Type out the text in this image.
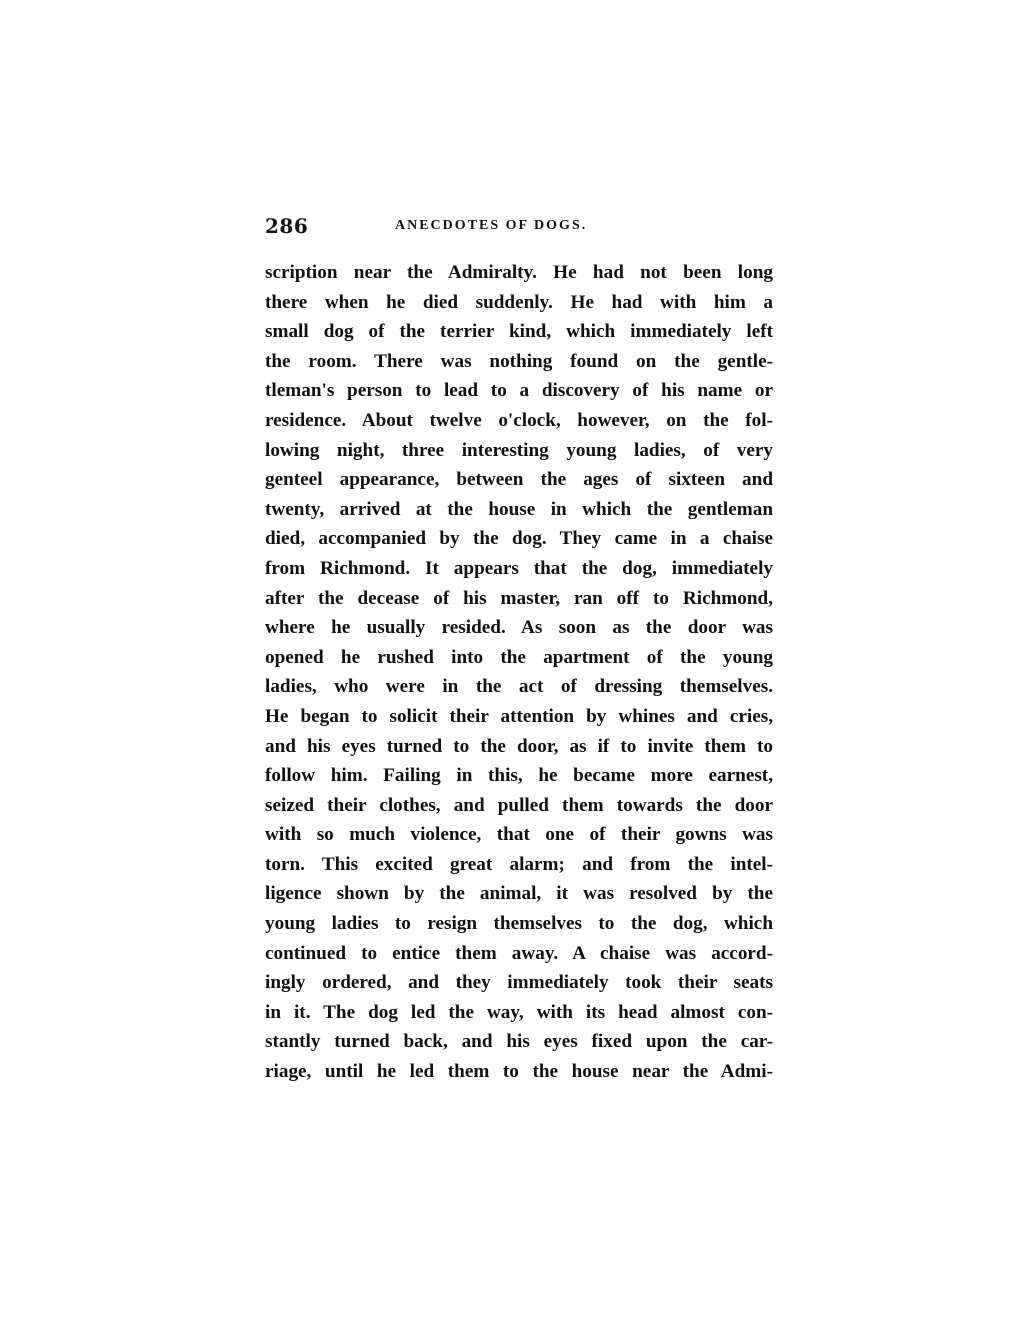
286	ANECDOTES OF DOGS.
scription near the Admiralty. He had not been long
there when he died suddenly. He had with him a
small dog of the terrier kind, which immediately left
the room. There was nothing found on the gentle-
tleman's person to lead to a discovery of his name or
residence. About twelve o'clock, however, on the fol-
lowing night, three interesting young ladies, of very
genteel appearance, between the ages of sixteen and
twenty, arrived at the house in which the gentleman
died, accompanied by the dog. They came in a chaise
from Richmond. It appears that the dog, immediately
after the decease of his master, ran off to Richmond,
where he usually resided. As soon as the door was
opened he rushed into the apartment of the young
ladies, who were in the act of dressing themselves.
He began to solicit their attention by whines and cries,
and his eyes turned to the door, as if to invite them to
follow him. Failing in this, he became more earnest,
seized their clothes, and pulled them towards the door
with so much violence, that one of their gowns was
torn. This excited great alarm; and from the intel-
ligence shown by the animal, it was resolved by the
young ladies to resign themselves to the dog, which
continued to entice them away. A chaise was accord-
ingly ordered, and they immediately took their seats
in it. The dog led the way, with its head almost con-
stantly turned back, and his eyes fixed upon the car-
riage, until he led them to the house near the Admi-
